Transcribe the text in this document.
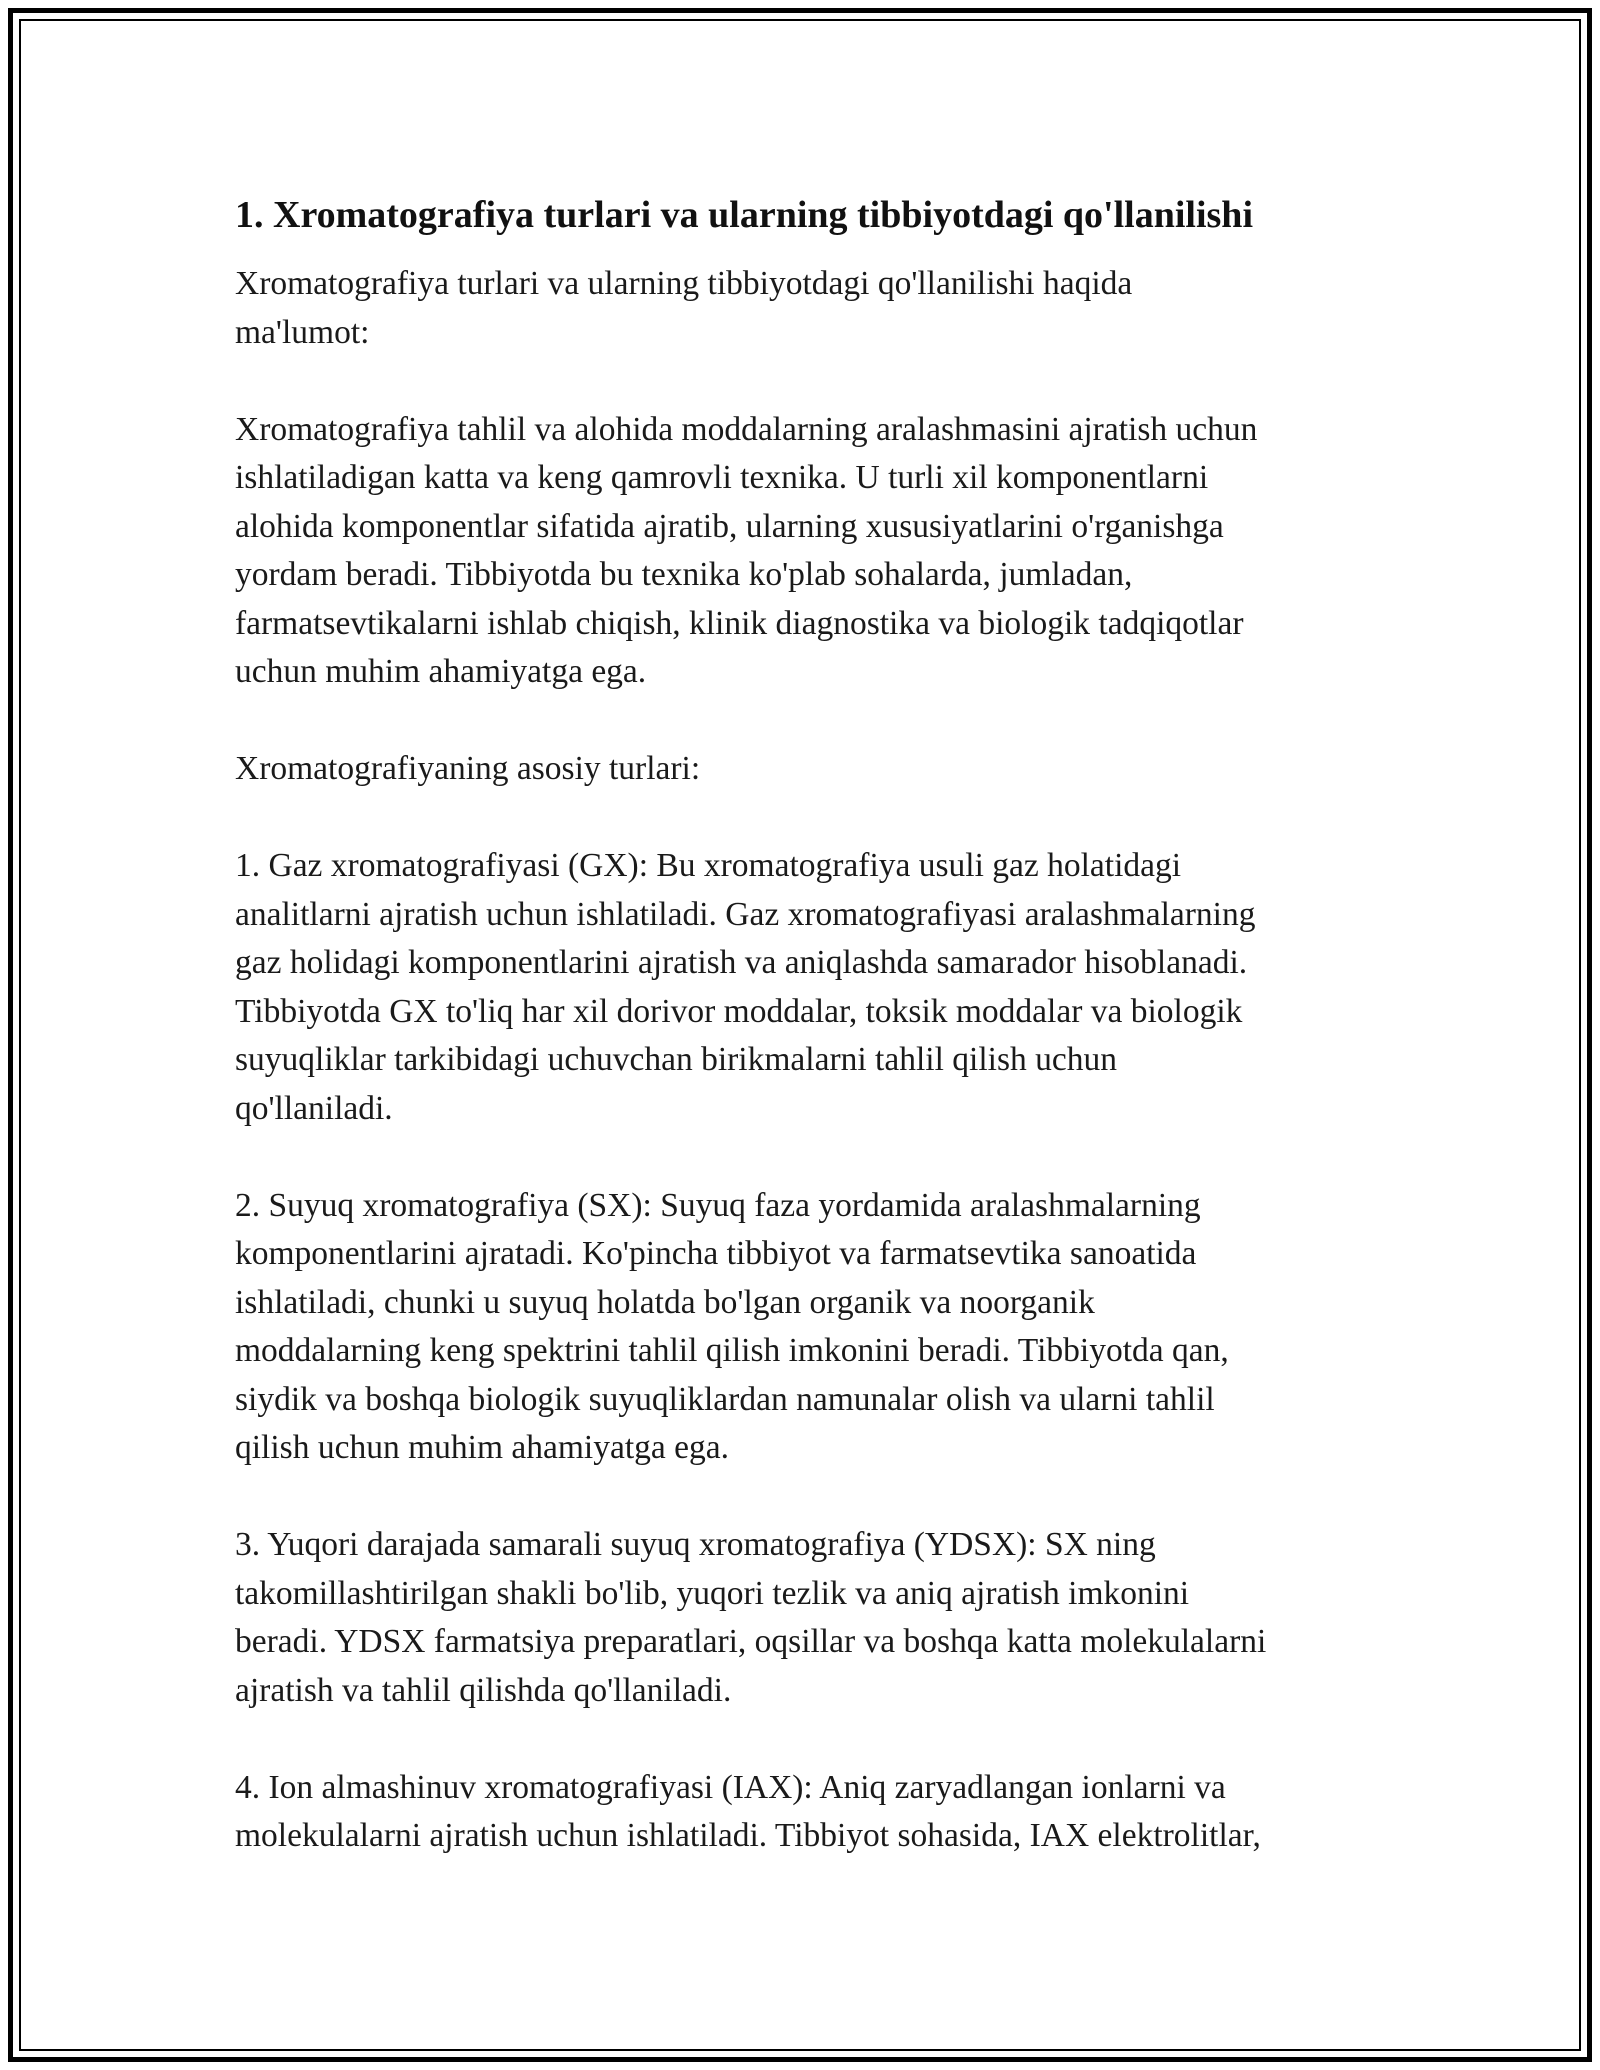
1. Xromatografiya turlari va ularning tibbiyotdagi qo'llanilishi

Xromatografiya turlari va ularning tibbiyotdagi qo'llanilishi haqida
ma'lumot:

Xromatografiya tahlil va alohida moddalarning aralashmasini ajratish uchun
ishlatiladigan katta va keng qamrovli texnika. U turli xil komponentlarni
alohida komponentlar sifatida ajratib, ularning xususiyatlarini o'rganishga
yordam beradi. Tibbiyotda bu texnika ko'plab sohalarda, jumladan,
farmatsevtikalarni ishlab chiqish, klinik diagnostika va biologik tadqiqotlar
uchun muhim ahamiyatga ega.

Xromatografiyaning asosiy turlari:

1. Gaz xromatografiyasi (GX): Bu xromatografiya usuli gaz holatidagi
analitlarni ajratish uchun ishlatiladi. Gaz xromatografiyasi aralashmalarning
gaz holidagi komponentlarini ajratish va aniqlashda samarador hisoblanadi.
Tibbiyotda GX to'liq har xil dorivor moddalar, toksik moddalar va biologik
suyuqliklar tarkibidagi uchuvchan birikmalarni tahlil qilish uchun
qo'llaniladi.

2. Suyuq xromatografiya (SX): Suyuq faza yordamida aralashmalarning
komponentlarini ajratadi. Ko'pincha tibbiyot va farmatsevtika sanoatida
ishlatiladi, chunki u suyuq holatda bo'lgan organik va noorganik
moddalarning keng spektrini tahlil qilish imkonini beradi. Tibbiyotda qan,
siydik va boshqa biologik suyuqliklardan namunalar olish va ularni tahlil
qilish uchun muhim ahamiyatga ega.

3. Yuqori darajada samarali suyuq xromatografiya (YDSX): SX ning
takomillashtirilgan shakli bo'lib, yuqori tezlik va aniq ajratish imkonini
beradi. YDSX farmatsiya preparatlari, oqsillar va boshqa katta molekulalarni
ajratish va tahlil qilishda qo'llaniladi.

4. Ion almashinuv xromatografiyasi (IAX): Aniq zaryadlangan ionlarni va
molekulalarni ajratish uchun ishlatiladi. Tibbiyot sohasida, IAX elektrolitlar,
